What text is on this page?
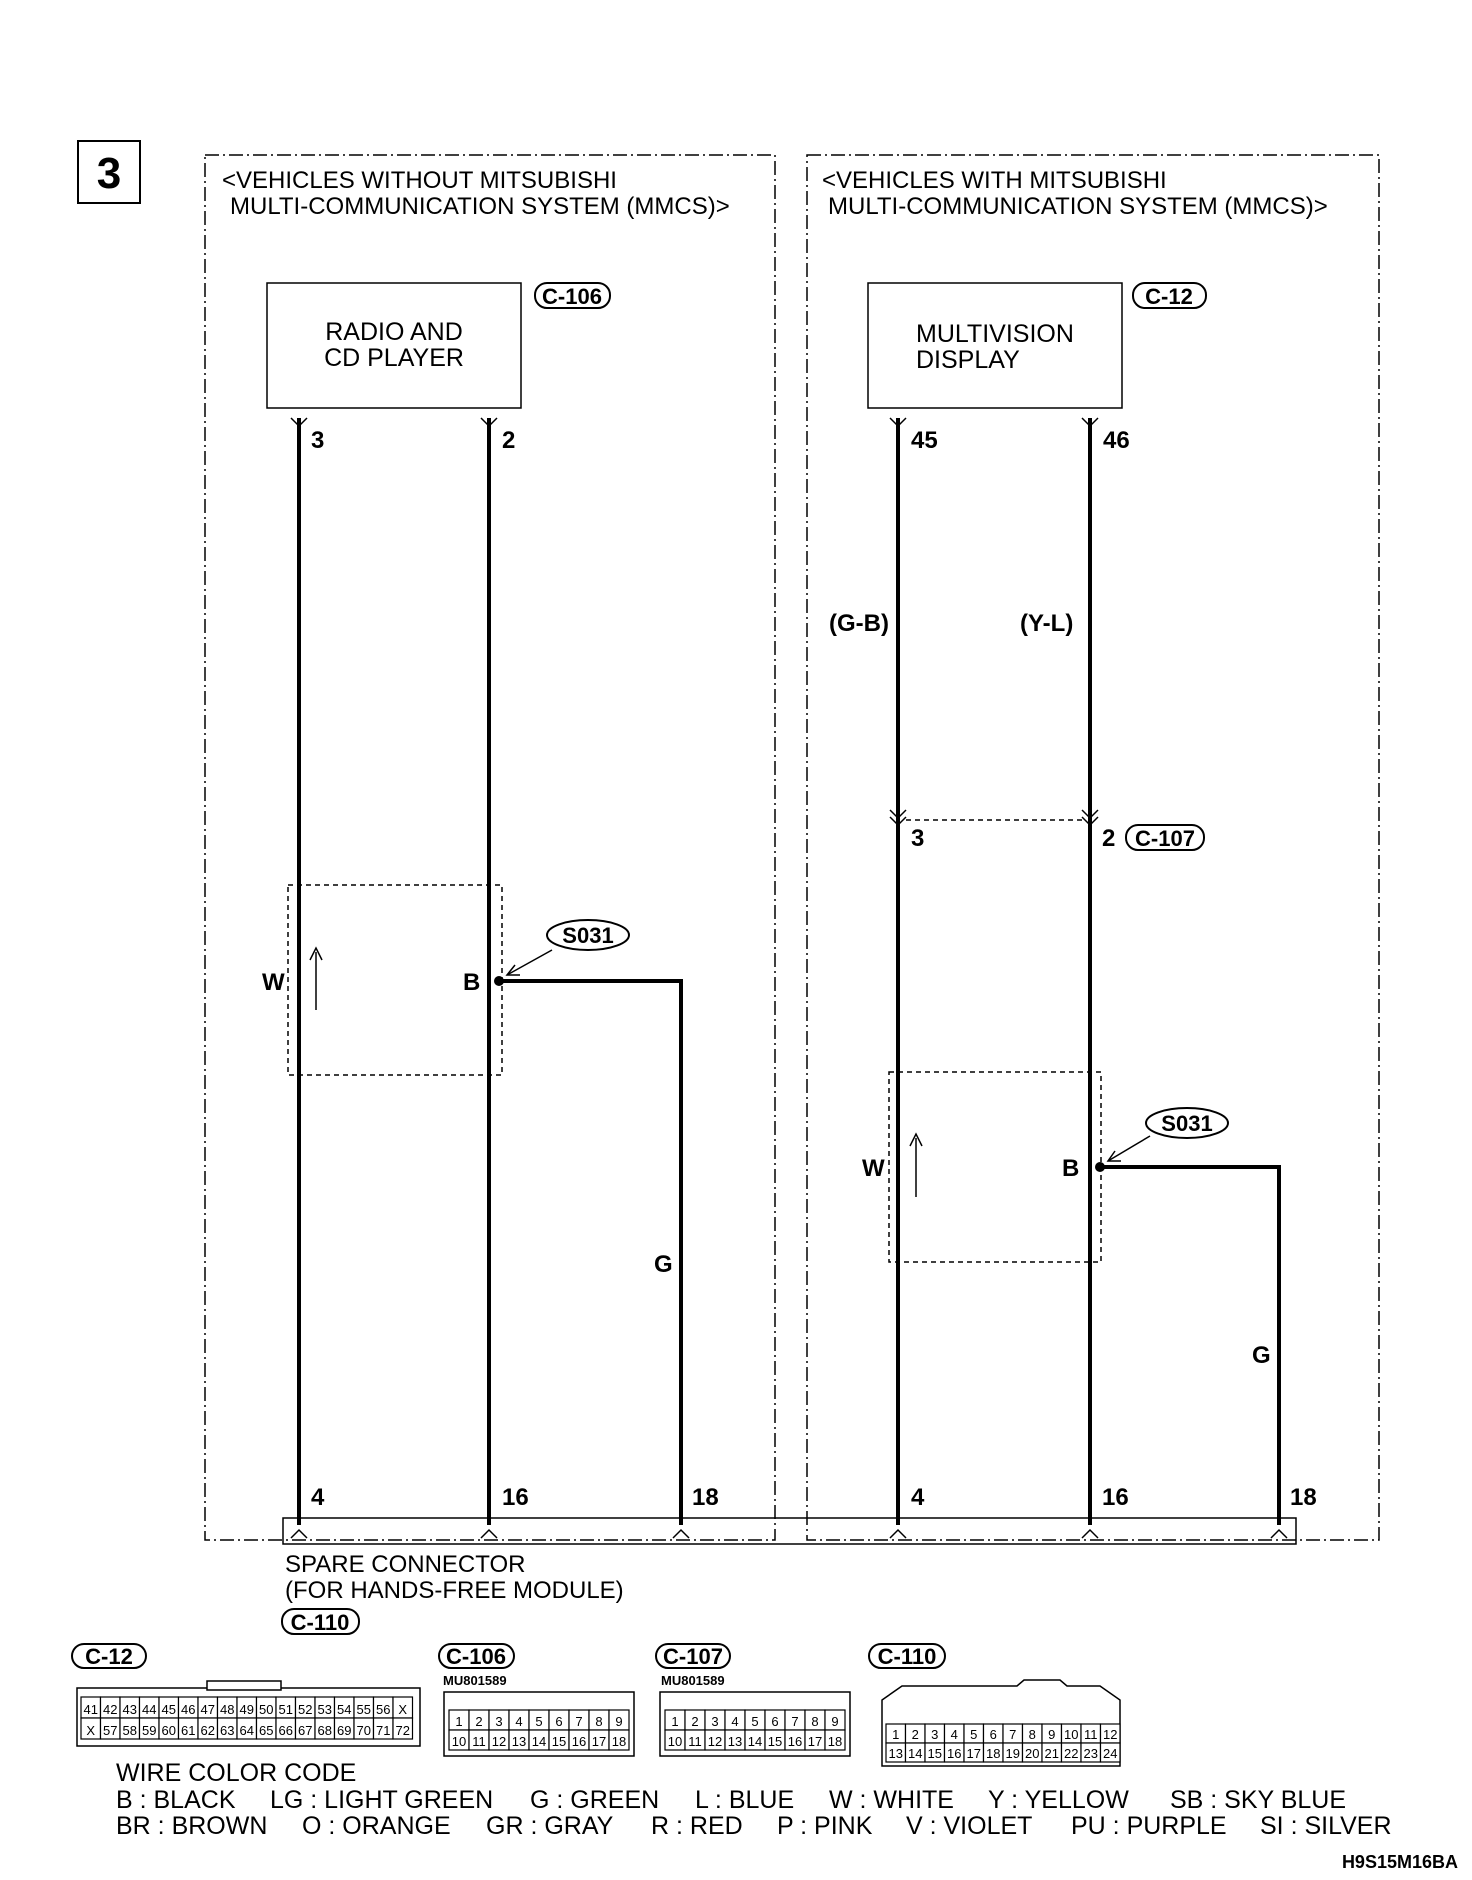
3	<VEHICLES WITHOUT MITSUBISHI
MULTI-COMMUNICATION SYSTEM (MMCS)>
<VEHICLES WITH MITSUBISHI
MULTI-COMMUNICATION SYSTEM (MMCS)>
RADIO AND
CD PLAYER
C-106
3	2
W	B
G
S031
4	16	18
MULTIVISION
DISPLAY
C-12
45	46
(G-B)	(Y-L)
3	2 C-107
W	B
G
S031
4	16	18
SPARE CONNECTOR
(FOR HANDS-FREE MODULE)
C-110
C-12
41 42 43 44 45 46 47 48 49 50 51 52 53 54 55 56 X
X 57 58 59 60 61 62 63 64 65 66 67 68 69 70 71 72
C-106
MU801589
1 2 3 4 5 6 7 8 9
10 11 12 13 14 15 16 17 18
C-107
MU801589
1 2 3 4 5 6 7 8 9
10 11 12 13 14 15 16 17 18
C-110
1 2 3 4 5 6 7 8 9 10 11 12
13 14 15 16 17 18 19 20 21 22 23 24
WIRE COLOR CODE
B : BLACK LG : LIGHT GREEN G : GREEN L : BLUE W : WHITE Y : YELLOW SB : SKY BLUE
BR : BROWN O : ORANGE GR : GRAY R : RED P : PINK V : VIOLET PU : PURPLE SI : SILVER
H9S15M16BA
